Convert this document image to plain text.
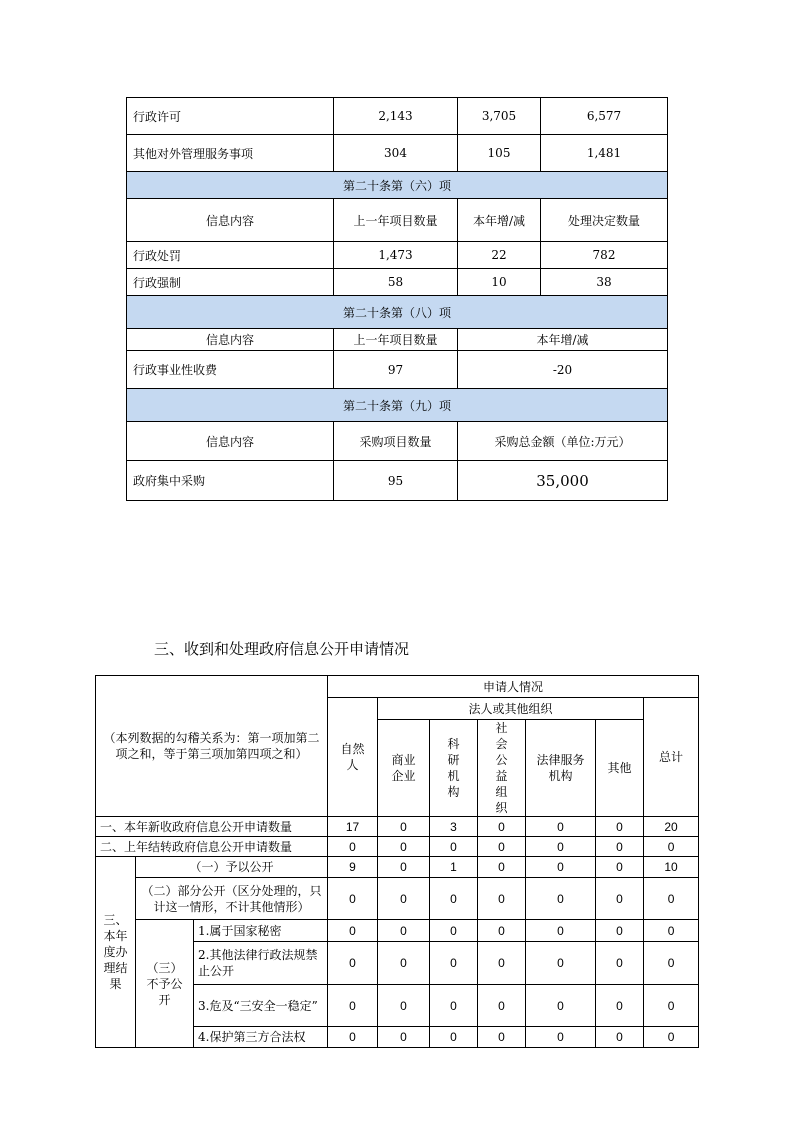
行政许可	2,143	3,705	6,577
其他对外管理服务事项	304	105	1,481
第二十条第（六）项			
信息内容	上一年项目数量	本年增/减	处理决定数量
行政处罚	1,473	22	782
行政强制	58	10	38
第二十条第（八）项			
信息内容	上一年项目数量	本年增/减	
行政事业性收费	97	-20	
第二十条第（九）项			
信息内容	采购项目数量	采购总金额（单位:万元）	
政府集中采购	95	35,000	
三、收到和处理政府信息公开申请情况
（本列数据的勾稽关系为：第一项加第二项之和，等于第三项加第四项之和）			申请人情况						
			自然人	法人或其他组织					总计
				商业企业	科研机构	社会公益组织	法律服务机构	其他	
一、本年新收政府信息公开申请数量			17	0	3	0	0	0	20
二、上年结转政府信息公开申请数量			0	0	0	0	0	0	0
三、本年度办理结果	（一）予以公开		9	0	1	0	0	0	10
	（二）部分公开（区分处理的，只计这一情形，不计其他情形）		0	0	0	0	0	0	0
	（三）不予公开	1.属于国家秘密	0	0	0	0	0	0	0
		2.其他法律行政法规禁止公开	0	0	0	0	0	0	0
		3.危及“三安全一稳定”	0	0	0	0	0	0	0
		4.保护第三方合法权	0	0	0	0	0	0	0
